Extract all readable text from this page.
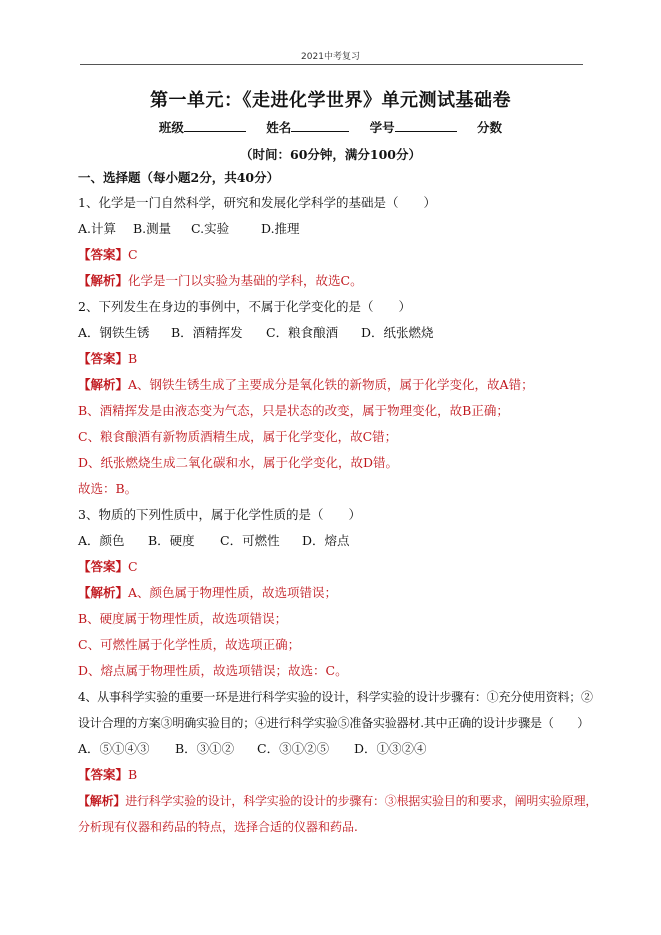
2021中考复习
第一单元：《走进化学世界》单元测试基础卷
班级	姓名	学号	分数
（时间：60分钟，满分100分）
一、选择题（每小题2分，共40分）
1、化学是一门自然科学，研究和发展化学科学的基础是（　　）
A.计算 B.测量 C.实验	D.推理
【答案】C
【解析】化学是一门以实验为基础的学科，故选C。
2、下列发生在身边的事例中，不属于化学变化的是（　　）
A．钢铁生锈 B．酒精挥发 C．粮食酿酒 D．纸张燃烧
【答案】B
【解析】A、钢铁生锈生成了主要成分是氧化铁的新物质，属于化学变化，故A错；
B、酒精挥发是由液态变为气态，只是状态的改变，属于物理变化，故B正确；
C、粮食酿酒有新物质酒精生成，属于化学变化，故C错；
D、纸张燃烧生成二氧化碳和水，属于化学变化，故D错。
故选：B。
3、物质的下列性质中，属于化学性质的是（　　）
A．颜色 B．硬度 C．可燃性 D．熔点
【答案】C
【解析】A、颜色属于物理性质，故选项错误；
B、硬度属于物理性质，故选项错误；
C、可燃性属于化学性质，故选项正确；
D、熔点属于物理性质，故选项错误；故选：C。
4、从事科学实验的重要一环是进行科学实验的设计，科学实验的设计步骤有：①充分使用资料；②
设计合理的方案③明确实验目的；④进行科学实验⑤准备实验器材.其中正确的设计步骤是（　　）
A．⑤①④③ B．③①② C．③①②⑤ D．①③②④
【答案】B
【解析】进行科学实验的设计，科学实验的设计的步骤有：③根据实验目的和要求，阐明实验原理，
分析现有仪器和药品的特点，选择合适的仪器和药品.
